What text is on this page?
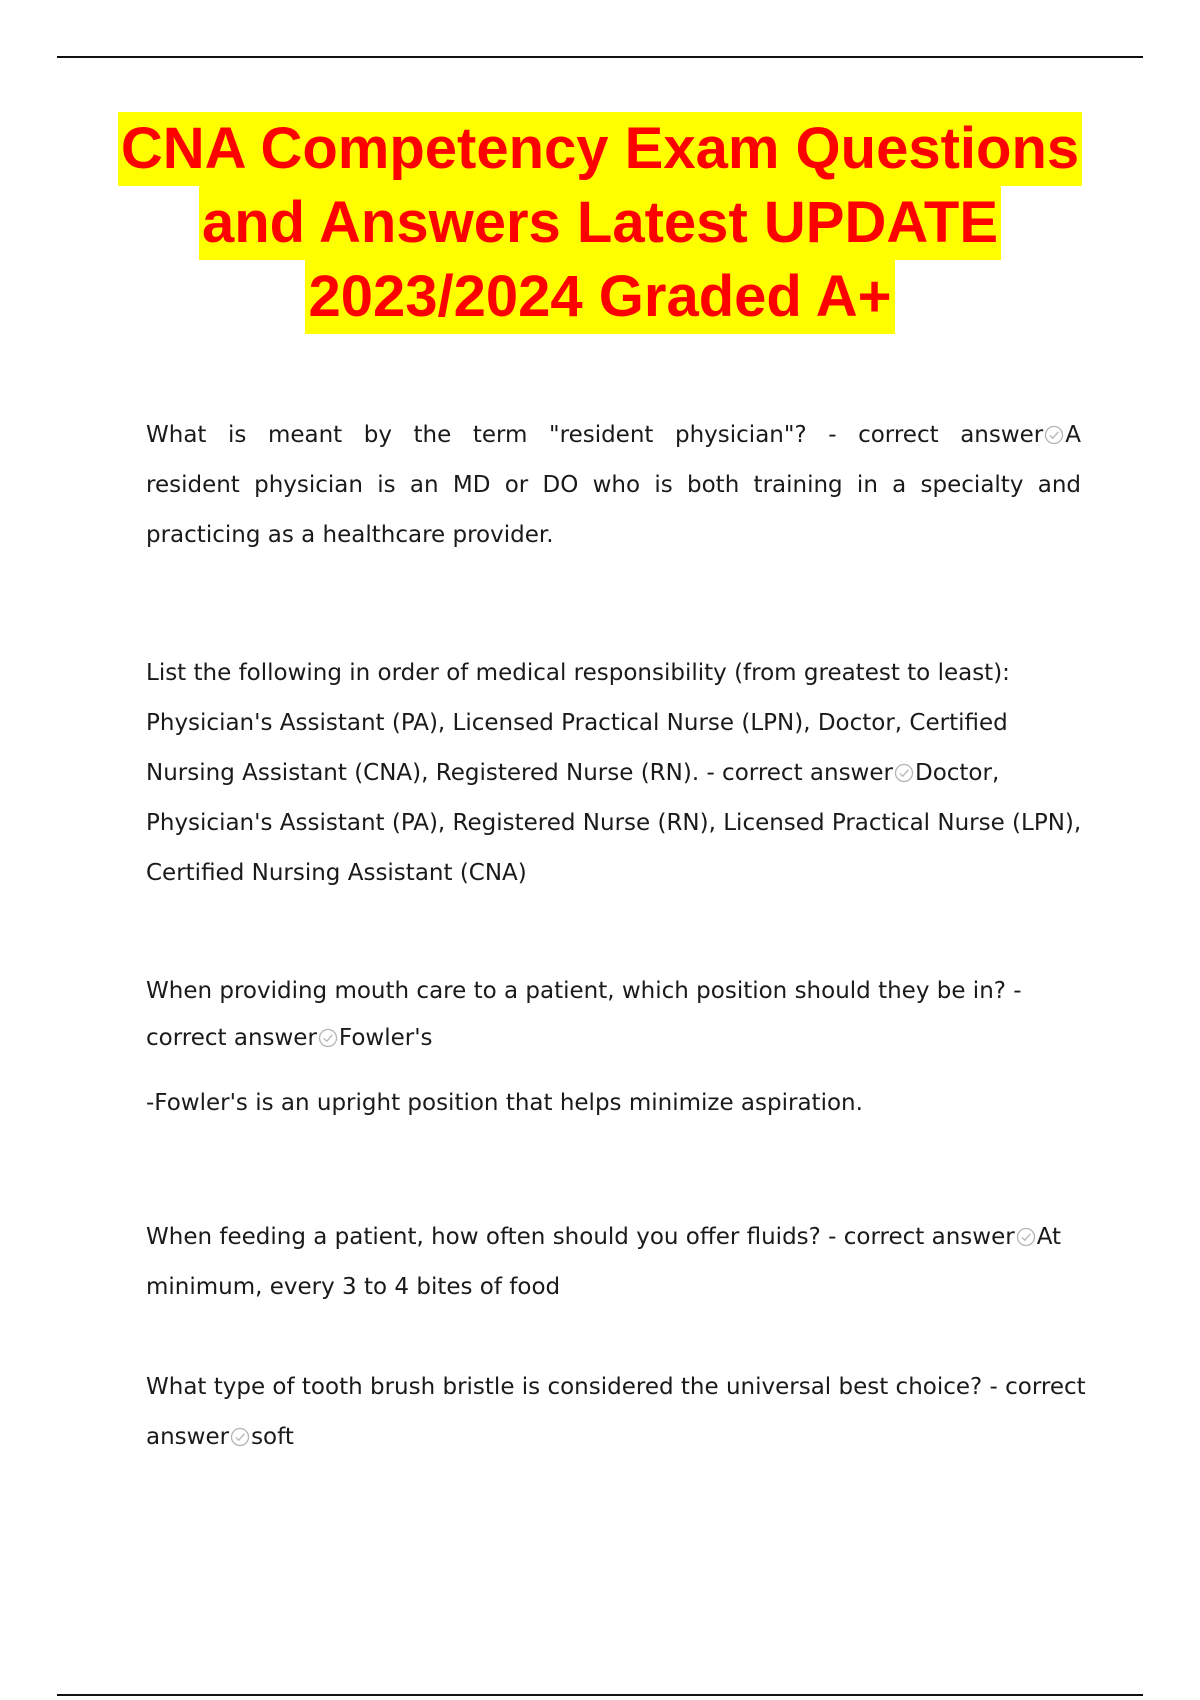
CNA Competency Exam Questions
and Answers Latest UPDATE
2023/2024 Graded A+
What is meant by the term "resident physician"? - correct answer A
resident physician is an MD or DO who is both training in a specialty and
practicing as a healthcare provider.
List the following in order of medical responsibility (from greatest to least):
Physician's Assistant (PA), Licensed Practical Nurse (LPN), Doctor, Certified
Nursing Assistant (CNA), Registered Nurse (RN). - correct answer Doctor,
Physician's Assistant (PA), Registered Nurse (RN), Licensed Practical Nurse (LPN),
Certified Nursing Assistant (CNA)
When providing mouth care to a patient, which position should they be in? -
correct answer Fowler's
-Fowler's is an upright position that helps minimize aspiration.
When feeding a patient, how often should you offer fluids? - correct answer At
minimum, every 3 to 4 bites of food
What type of tooth brush bristle is considered the universal best choice? - correct
answer soft
